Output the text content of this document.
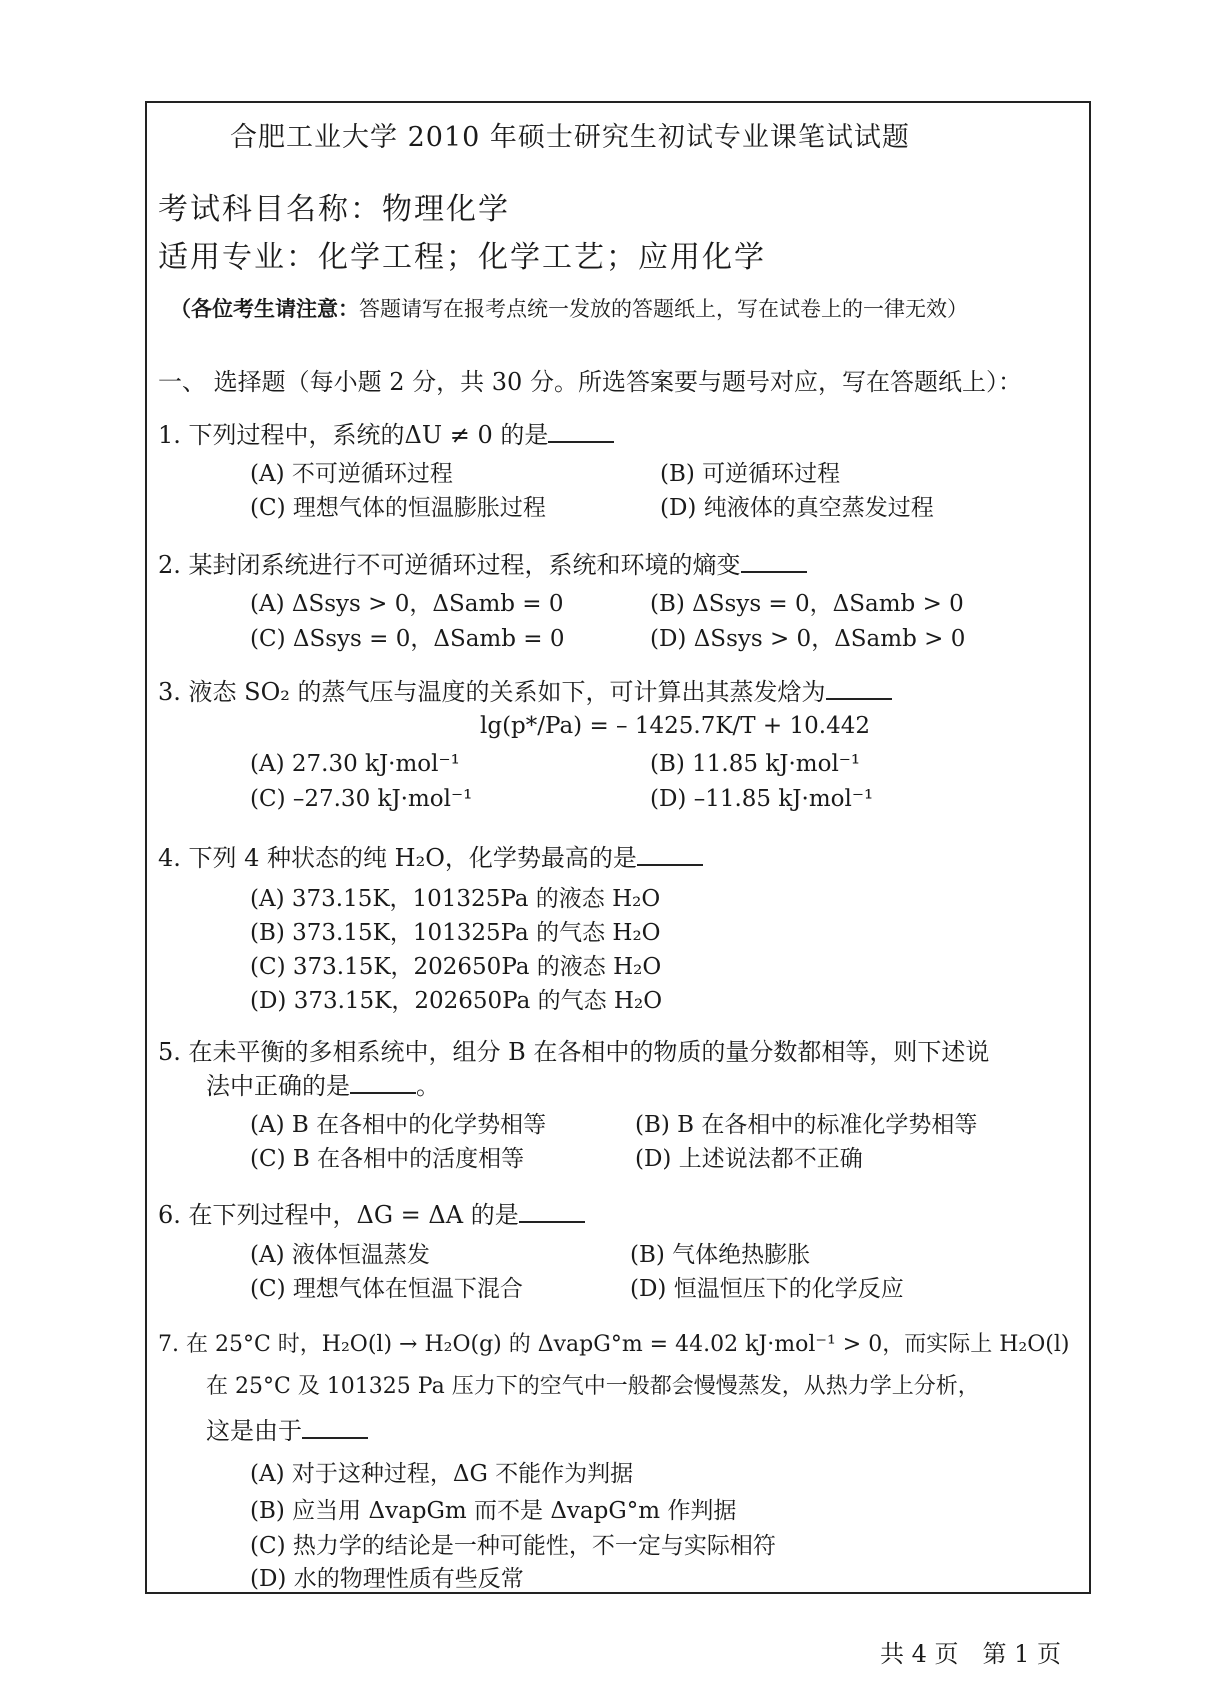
合肥工业大学 2010 年硕士研究生初试专业课笔试试题
考试科目名称：物理化学
适用专业：化学工程；化学工艺；应用化学
（各位考生请注意：答题请写在报考点统一发放的答题纸上，写在试卷上的一律无效）
一、 选择题（每小题 2 分，共 30 分。所选答案要与题号对应，写在答题纸上）：
1. 下列过程中，系统的ΔU ≠ 0 的是
(A) 不可逆循环过程	(B) 可逆循环过程
(C) 理想气体的恒温膨胀过程	(D) 纯液体的真空蒸发过程
2. 某封闭系统进行不可逆循环过程，系统和环境的熵变
(A) ΔSsys > 0，ΔSamb = 0	(B) ΔSsys = 0，ΔSamb > 0
(C) ΔSsys = 0，ΔSamb = 0	(D) ΔSsys > 0，ΔSamb > 0
3. 液态 SO₂ 的蒸气压与温度的关系如下，可计算出其蒸发焓为
lg(p*/Pa) = – 1425.7K/T + 10.442
(A) 27.30 kJ·mol⁻¹	(B) 11.85 kJ·mol⁻¹
(C) –27.30 kJ·mol⁻¹	(D) –11.85 kJ·mol⁻¹
4. 下列 4 种状态的纯 H₂O，化学势最高的是
(A) 373.15K，101325Pa 的液态 H₂O
(B) 373.15K，101325Pa 的气态 H₂O
(C) 373.15K，202650Pa 的液态 H₂O
(D) 373.15K，202650Pa 的气态 H₂O
5. 在未平衡的多相系统中，组分 B 在各相中的物质的量分数都相等，则下述说
法中正确的是	。
(A) B 在各相中的化学势相等	(B) B 在各相中的标准化学势相等
(C) B 在各相中的活度相等	(D) 上述说法都不正确
6. 在下列过程中，ΔG = ΔA 的是
(A) 液体恒温蒸发	(B) 气体绝热膨胀
(C) 理想气体在恒温下混合	(D) 恒温恒压下的化学反应
7. 在 25°C 时，H₂O(l) → H₂O(g) 的 ΔvapG°m = 44.02 kJ·mol⁻¹ > 0，而实际上 H₂O(l)
在 25°C 及 101325 Pa 压力下的空气中一般都会慢慢蒸发，从热力学上分析，
这是由于
(A) 对于这种过程，ΔG 不能作为判据
(B) 应当用 ΔvapGm 而不是 ΔvapG°m 作判据
(C) 热力学的结论是一种可能性，不一定与实际相符
(D) 水的物理性质有些反常
共 4 页　第 1 页
